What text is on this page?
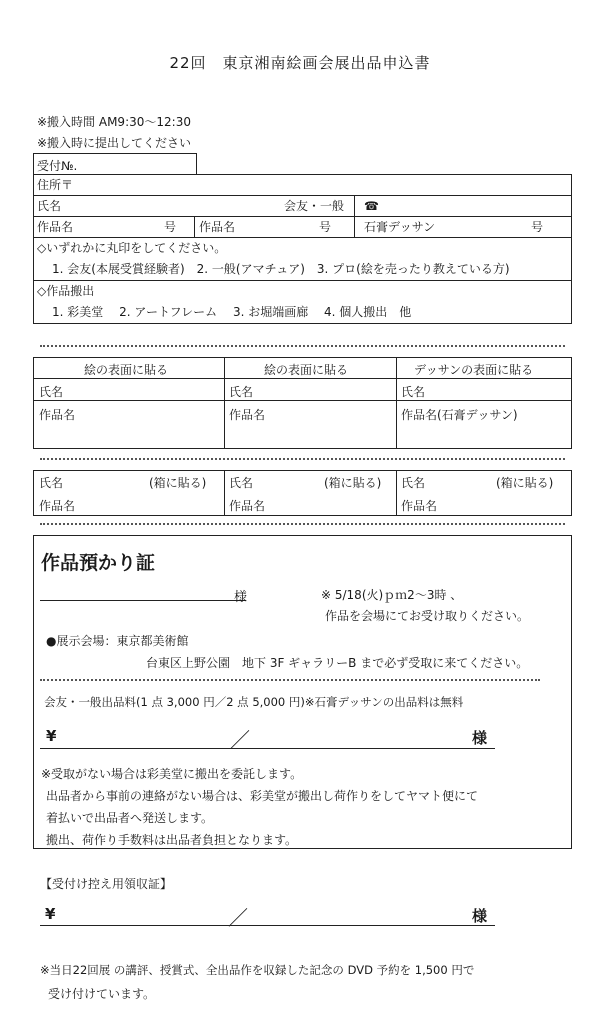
22回　東京湘南絵画会展出品申込書
※搬入時間 AM9:30～12:30
※搬入時に提出してください
受付№.
住所〒
氏名	会友・一般 ☎
作品名	号 作品名	号	石膏デッサン	号
◇いずれかに丸印をしてください。
1. 会友(本展受賞経験者)　2. 一般(アマチュア)　3. プロ(絵を売ったり教えている方)
◇作品搬出
1. 彩美堂　 2. アートフレーム　 3. お堀端画廊　 4. 個人搬出　他
絵の表面に貼る	絵の表面に貼る	デッサンの表面に貼る
氏名	氏名	氏名
作品名	作品名	作品名(石膏デッサン)
氏名	(箱に貼る) 氏名	(箱に貼る) 氏名	(箱に貼る)
作品名	作品名	作品名
作品預かり証
様	※ 5/18(火)ｐｍ2～3時 、
作品を会場にてお受け取りください。
●展示会場：東京都美術館
台東区上野公園　地下 3F ギャラリーB まで必ず受取に来てください。
会友・一般出品料(1 点 3,000 円／2 点 5,000 円)※石膏デッサンの出品料は無料
¥	／	様
※受取がない場合は彩美堂に搬出を委託します。
出品者から事前の連絡がない場合は、彩美堂が搬出し荷作りをしてヤマト便にて
着払いで出品者へ発送します。
搬出、荷作り手数料は出品者負担となります。
【受付け控え用領収証】
¥	／	様
※当日22回展 の講評、授賞式、全出品作を収録した記念の DVD 予約を 1,500 円で
受け付けています。
